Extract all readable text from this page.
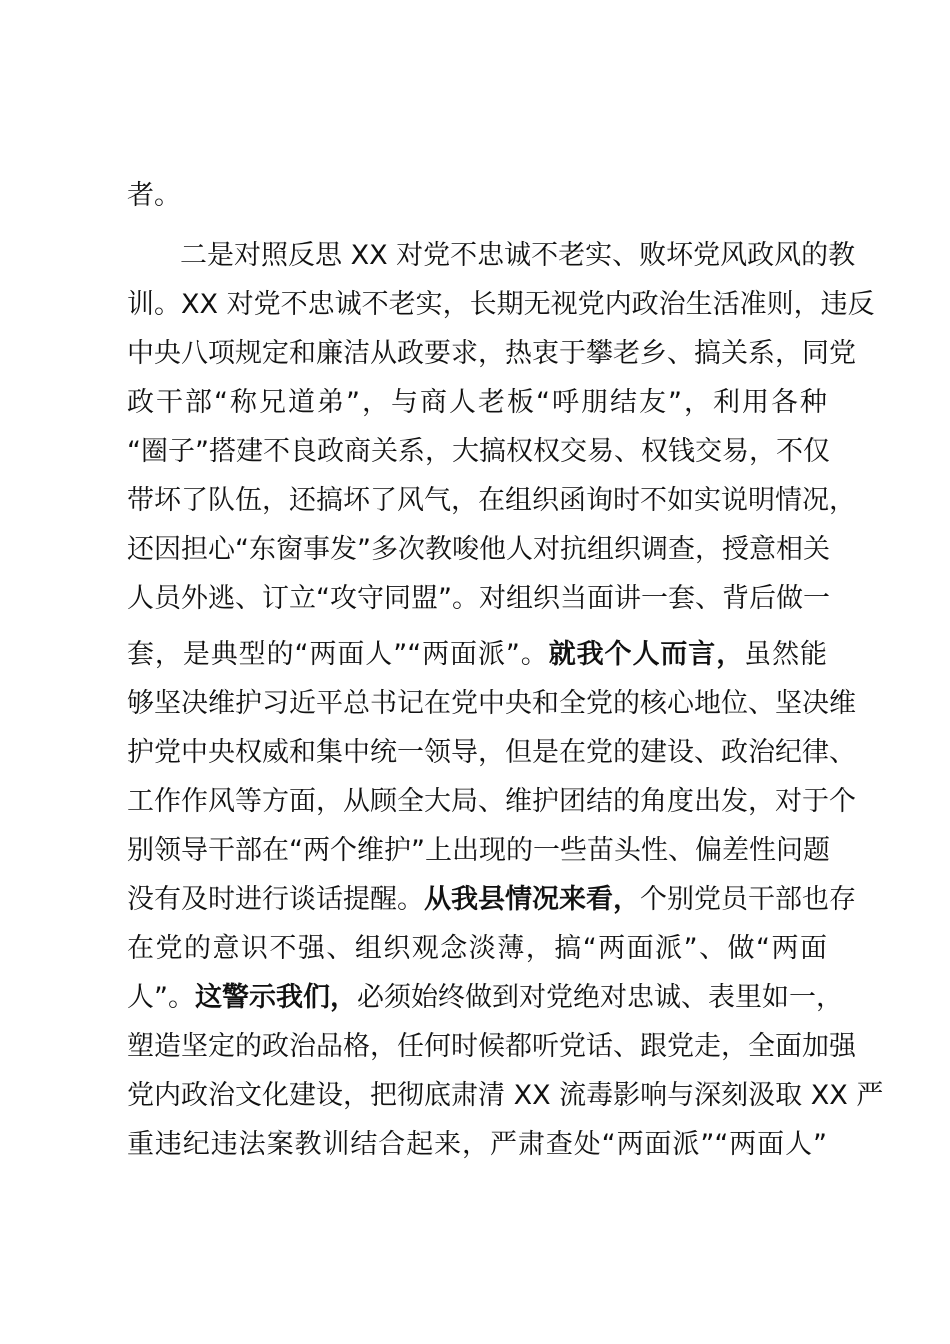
者。
二是对照反思 XX 对党不忠诚不老实、败坏党风政风的教
训。XX 对党不忠诚不老实，长期无视党内政治生活准则，违反
中央八项规定和廉洁从政要求，热衷于攀老乡、搞关系，同党
政干部“称兄道弟”，与商人老板“呼朋结友”，利用各种
“圈子”搭建不良政商关系，大搞权权交易、权钱交易，不仅
带坏了队伍，还搞坏了风气，在组织函询时不如实说明情况，
还因担心“东窗事发”多次教唆他人对抗组织调查，授意相关
人员外逃、订立“攻守同盟”。对组织当面讲一套、背后做一
套，是典型的“两面人”“两面派”。就我个人而言，虽然能
够坚决维护习近平总书记在党中央和全党的核心地位、坚决维
护党中央权威和集中统一领导，但是在党的建设、政治纪律、
工作作风等方面，从顾全大局、维护团结的角度出发，对于个
别领导干部在“两个维护”上出现的一些苗头性、偏差性问题
没有及时进行谈话提醒。从我县情况来看，个别党员干部也存
在党的意识不强、组织观念淡薄，搞“两面派”、做“两面
人”。这警示我们，必须始终做到对党绝对忠诚、表里如一，
塑造坚定的政治品格，任何时候都听党话、跟党走，全面加强
党内政治文化建设，把彻底肃清 XX 流毒影响与深刻汲取 XX 严
重违纪违法案教训结合起来，严肃查处“两面派”“两面人”
